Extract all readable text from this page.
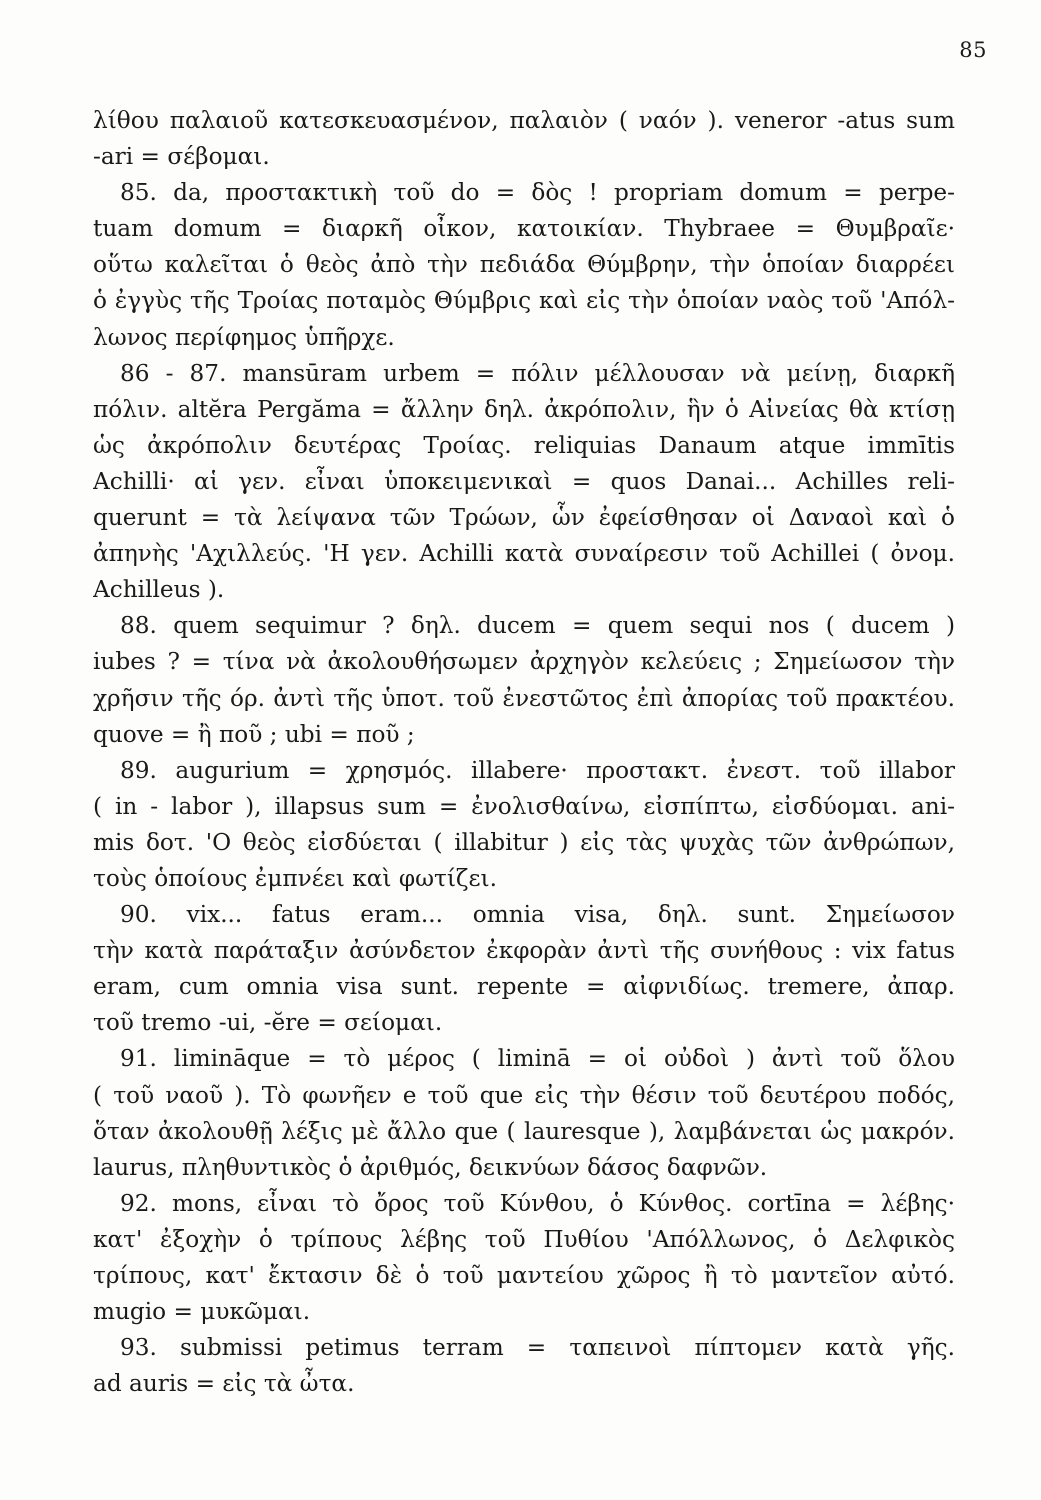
85
λίθου παλαιοῦ κατεσκευασμένον, παλαιὸν ( ναόν ). veneror -atus sum
-ari = σέβομαι.
85. da, προστακτικὴ τοῦ do = δὸς ! propriam domum = perpe-
tuam domum = διαρκῆ οἶκον, κατοικίαν. Thybraee = Θυμβραῖε·
οὕτω καλεῖται ὁ θεὸς ἀπὸ τὴν πεδιάδα Θύμβρην, τὴν ὁποίαν διαρρέει
ὁ ἐγγὺς τῆς Τροίας ποταμὸς Θύμβρις καὶ εἰς τὴν ὁποίαν ναὸς τοῦ 'Απόλ-
λωνος περίφημος ὑπῆρχε.
86 - 87. mansūram urbem = πόλιν μέλλουσαν νὰ μείνῃ, διαρκῆ
πόλιν. altĕra Pergăma = ἄλλην δηλ. ἀκρόπολιν, ἣν ὁ Αἰνείας θὰ κτίσῃ
ὡς ἀκρόπολιν δευτέρας Τροίας. reliquias Danaum atque immītis
Achilli· αἱ γεν. εἶναι ὑποκειμενικαὶ = quos Danai... Achilles reli-
querunt = τὰ λείψανα τῶν Τρώων, ὧν ἐφείσθησαν οἱ Δαναοὶ καὶ ὁ
ἀπηνὴς 'Αχιλλεύς. 'Η γεν. Achilli κατὰ συναίρεσιν τοῦ Achillei ( ὀνομ.
Achilleus ).
88. quem sequimur ? δηλ. ducem = quem sequi nos ( ducem )
iubes ? = τίνα νὰ ἀκολουθήσωμεν ἀρχηγὸν κελεύεις ; Σημείωσον τὴν
χρῆσιν τῆς όρ. ἀντὶ τῆς ὑποτ. τοῦ ἐνεστῶτος ἐπὶ ἀπορίας τοῦ πρακτέου.
quove = ἢ ποῦ ; ubi = ποῦ ;
89. augurium = χρησμός. illabere· προστακτ. ἐνεστ. τοῦ illabor
( in - labor ), illapsus sum = ἐνολισθαίνω, εἰσπίπτω, εἰσδύομαι. ani-
mis δοτ. 'Ο θεὸς εἰσδύεται ( illabitur ) εἰς τὰς ψυχὰς τῶν ἀνθρώπων,
τοὺς ὁποίους ἐμπνέει καὶ φωτίζει.
90. vix... fatus eram... omnia visa, δηλ. sunt. Σημείωσον
τὴν κατὰ παράταξιν ἀσύνδετον ἐκφορὰν ἀντὶ τῆς συνήθους : vix fatus
eram, cum omnia visa sunt. repente = αἰφνιδίως. tremere, ἀπαρ.
τοῦ tremo -ui, -ĕre = σείομαι.
91. limināque = τὸ μέρος ( liminā = οἱ οὐδοὶ ) ἀντὶ τοῦ ὅλου
( τοῦ ναοῦ ). Τὸ φωνῆεν e τοῦ que εἰς τὴν θέσιν τοῦ δευτέρου ποδός,
ὅταν ἀκολουθῇ λέξις μὲ ἄλλο que ( lauresque ), λαμβάνεται ὡς μακρόν.
laurus, πληθυντικὸς ὁ ἀριθμός, δεικνύων δάσος δαφνῶν.
92. mons, εἶναι τὸ ὄρος τοῦ Κύνθου, ὁ Κύνθος. cortīna = λέβης·
κατ' ἐξοχὴν ὁ τρίπους λέβης τοῦ Πυθίου 'Απόλλωνος, ὁ Δελφικὸς
τρίπους, κατ' ἔκτασιν δὲ ὁ τοῦ μαντείου χῶρος ἢ τὸ μαντεῖον αὐτό.
mugio = μυκῶμαι.
93. submissi petimus terram = ταπεινοὶ πίπτομεν κατὰ γῆς.
ad auris = εἰς τὰ ὦτα.
